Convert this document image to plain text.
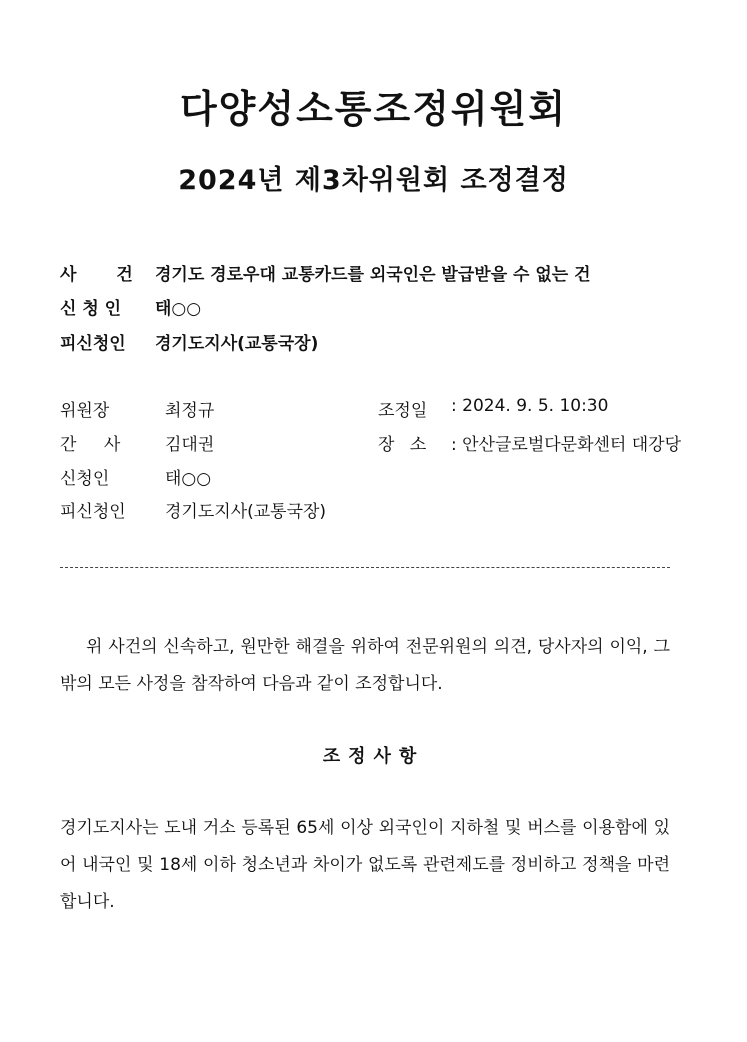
다양성소통조정위원회
2024년 제3차위원회 조정결정
사 건 경기도 경로우대 교통카드를 외국인은 발급받을 수 없는 건
신 청 인 태○○
피신청인 경기도지사(교통국장)
위원장	최정규	조정일 : 2024. 9. 5. 10:30
간 사	김대권	장 소 : 안산글로벌다문화센터 대강당
신청인	태○○
피신청인 경기도지사(교통국장)
위 사건의 신속하고, 원만한 해결을 위하여 전문위원의 의견, 당사자의 이익, 그 밖의 모든 사정을 참작하여 다음과 같이 조정합니다.
조정사항
경기도지사는 도내 거소 등록된 65세 이상 외국인이 지하철 및 버스를 이용함에 있어 내국인 및 18세 이하 청소년과 차이가 없도록 관련제도를 정비하고 정책을 마련합니다.
